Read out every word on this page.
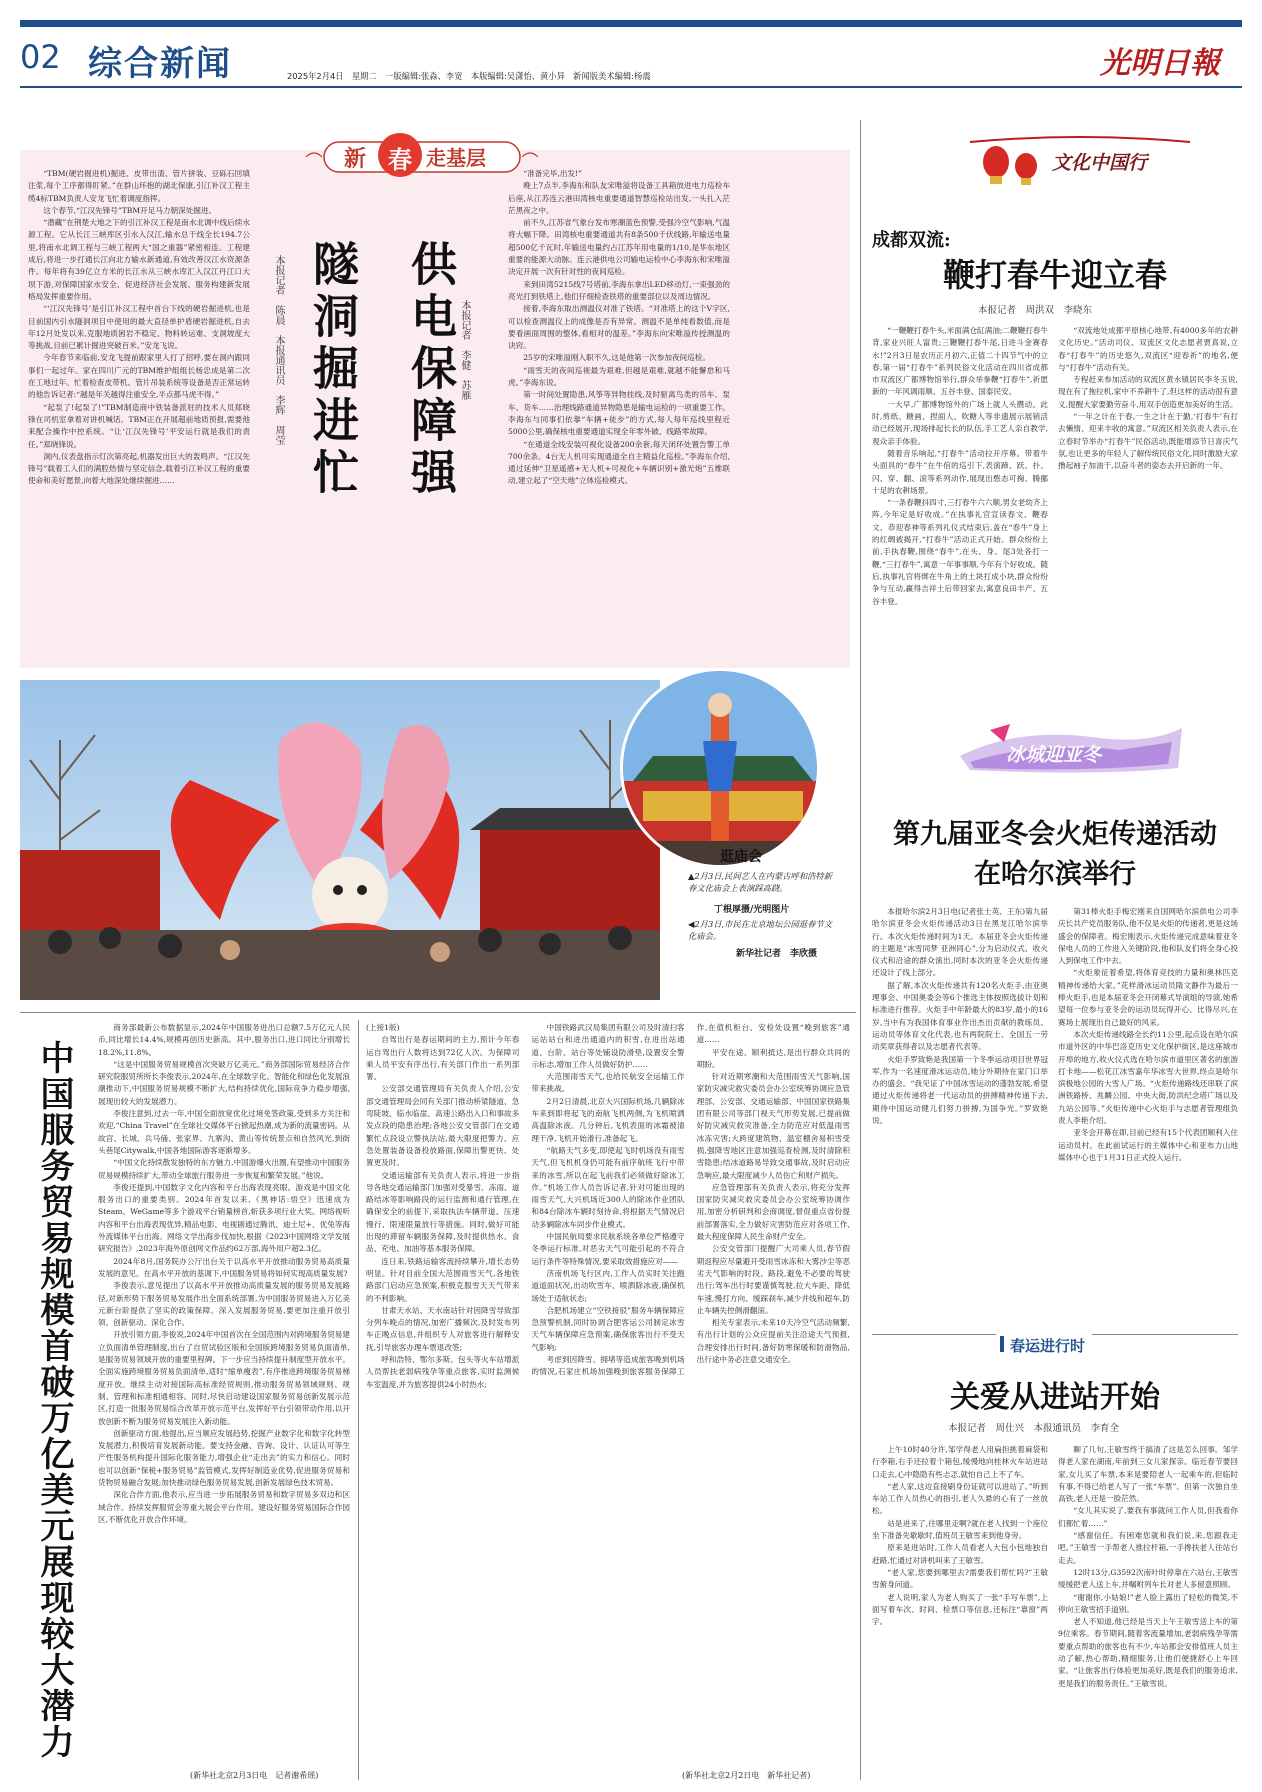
02 综合新闻	2025年2月4日　星期二　一版编辑:张淼、李宽　本版编辑:吴潇怡、黄小异　新闻版美术编辑:杨震	光明日報
新 春 走基层

“TBM(硬岩掘进机)掘进、皮带出渣、管片拼装、豆砾石回填注浆,每个工序都得盯紧。”在群山环抱的湖北保康,引江补汉工程主缆4标TBM负责人安龙飞忙着调度指挥。

这个春节,“江汉先锋号”TBM开足马力朝深处掘进。

“潜藏”在荆楚大地之下的引江补汉工程是南水北调中线后续水源工程。它从长江三峡库区引水入汉江,输水总干线全长194.7公里,将南水北调工程与三峡工程两大“国之重器”紧密相连。工程建成后,将进一步打通长江向北方输水新通道,有效改善汉江水资源条件。每年将有39亿立方米的长江水从三峡水库汇入汉江丹江口大坝下游,对保障国家水安全、促进经济社会发展、服务构建新发展格局发挥重要作用。

“‘江汉先锋号’是引江补汉工程中首台下线的硬岩掘进机,也是目前国内引水隧洞项目中使用的最大直径单护盾硬岩掘进机,自去年12月处发以来,克服地质困岩不稳定、物料转运难、支洞坡度大等挑战,目前已累计掘进突破百米。”安龙飞说。

今年春节来临前,安龙飞提前跟家里人打了招呼,要在洞内跟同事们一起过年。家在四川广元的TBM维护组组长杨忠成是第二次在工地过年。忙着检查皮带机、管片吊装系统等设备是否正常运转的他告诉记者:“越是年关越得注重安全,半点都马虎不得。”

“起泵了!起泵了!”TBM制造商中铁装备派驻的技术人员郑晓锋在司机室拿着对讲机喊话。TBM正在开展超前地质预报,需要他来配合操作中控系统。“让‘江汉先锋号’平安运行就是我们的责任。”郑晓锋说。

洞内,仪表盘指示灯次第亮起,机器发出巨大的轰鸣声。“江汉先锋号”载着工人们的满腔热情与坚定信念,载着引江补汉工程的重要使命和美好愿景,向着大地深处继续掘进……

本报记者　陈晨　本报通讯员　李辉　周莹 隧洞掘进忙 供电保障强 本报记者　李健　苏雁

“准备完毕,出发!”

晚上7点半,李海东和队友宋唯溢将设备工具箱放进电力巡检车后座,从江苏连云港田湾核电重要通道智慧巡检站出发,一头扎入茫茫黑夜之中。

前不久,江苏省气象台发布寒潮蓝色预警,受强冷空气影响,气温将大幅下降。田湾核电重要通道共有8条500千伏线路,年输送电量超500亿千瓦时,年输送电量约占江苏年用电量的1/10,是华东地区重要的能源大动脉。连云港供电公司输电运检中心李海东和宋唯溢决定开展一次有针对性的夜间巡检。

来到田湾5215线7号塔前,李海东拿出LED移动灯,一束强劲的亮光打到铁塔上,他们仔细检查铁塔的重要部位以及周边情况。

接着,李海东取出测温仪对准了铁塔。“对准塔上的这个V字区,可以检查测温仪上的成像是否有异常。测温不是单纯看数值,而是要看画面周围的整体,看相对的温差。”李海东向宋唯溢传授测温的诀窍。

25岁的宋唯溢刚入职不久,这是他第一次参加夜间巡检。

“雨雪天的夜间巡视最为艰难,但越是艰难,就越不能懈怠和马虎。”李海东说。

第一时间处置隐患,风筝等异物挂线,及时驱离鸟类的吊车、泵车、货车……治理线路通道异物隐患是输电运检的一项重要工作。李海东与同事们依靠“车辆+徒步”的方式,每人每年巡线里程近5000公里,确保核电重要通道实现全年零外破、线路零故障。

“在通道全线安装可视化设备200余套,每天闭环处置告警工单700余条。4台无人机可实现通道全自主精益化巡检。”李海东介绍,通过延伸“卫星遥感+无人机+可视化+车辆识别+激光炮”五维联动,建立起了“空天地”立体巡检模式。

逛庙会
▲2月3日,民间艺人在内蒙古呼和浩特新春文化庙会上表演踩高跷。
丁根厚摄/光明图片
◀2月3日,市民在北京地坛公园逛春节文化庙会。
新华社记者　李欣摄
文化中国行
成都双流:
鞭打春牛迎立春
本报记者　周洪双　李晓东

“一鞭鞭打春牛头,米面满仓缸满油;二鞭鞭打春牛背,家业兴旺人富贵;三鞭鞭打春牛尾,日进斗金赛春水!”2月3日是农历正月初六,正值二十四节气中的立春,第一届“打春牛”系列民俗文化活动在四川省成都市双流区广都博物馆举行,群众举拳鞭“打春牛”,祈愿新的一年风调雨顺、五谷丰登、国泰民安。

一大早,广都博物馆外的广场上就人头攒动。此时,剪纸、糖画、捏面人、吹糖人等非遗展示展销活动已经展开,现场排起长长的队伍,手工艺人亲自教学,观众亲手体验。

随着音乐响起,“打春牛”活动拉开序幕。带着牛头面具的“春牛”在牛倌的巡引下,表演蹄、跃、扑、闪、穿、翻、滚等系列动作,展现出憨态可掬、腾挪十足的农耕场景。

“一条春鞭抖四寸,三打春牛六六顺,男女老幼齐上阵,今年定是好收成。”在执事礼官宣读春文、鞭春文、恭迎春神等系列礼仪式结束后,盖在“春牛”身上的红绸被揭开,“打春牛”活动正式开始。群众纷纷上前,手执春鞭,围绕“春牛”,在头、身、尾3处各打一鞭,“三打春牛”,寓意一年事事顺,今年有个好收成。随后,执事礼官将绑在牛角上的土块打成小块,群众纷纷争与互动,赢得吉祥土后带回家去,寓意良田丰产、五谷丰登。

“双流地处成都平原核心地带,有4000多年的农耕文化历史。”活动司仪、双流区文化志愿者贾真说,立春“打春牛”的历史悠久,双流区“迎春祈”的地名,便与“打春牛”活动有关。

专程赶来参加活动的双流区黄水镇居民李冬玉说,现在有了拖拉机,家中不养耕牛了,但这样的活动很有意义,提醒大家要勤劳奋斗,用双手创造更加美好的生活。

“一年之计在于春,一生之计在于勤,‘打春牛’有打去懒惰、迎来丰收的寓意。”双流区相关负责人表示,在立春时节举办“打春牛”民俗活动,既能增添节日喜庆气氛,也让更多的年轻人了解传统民俗文化,同时激励大家撸起袖子加油干,以奋斗者的姿态去开启新的一年。

冰城迎亚冬
第九届亚冬会火炬传递活动
在哈尔滨举行

本报哈尔滨2月3日电(记者张士英、王东)第九届哈尔滨亚冬会火炬传递活动3日在黑龙江哈尔滨举行。本次火炬传递时间为1天。本届亚冬会火炬传递的主题是“冰雪同梦 亚洲同心”,分为启动仪式、收火仪式和沿途的群众演出,同时本次的亚冬会火炬传递还设计了线上部分。

据了解,本次火炬传递共有120名火炬手,由亚奥理事会、中国奥委会等6个推选主体按照选拔计划和标准进行推荐。火炬手中年龄最大的83岁,最小的16岁,当中有为我国体育事业作出杰出贡献的教练员、运动员等体育文化代表,也有两院院士、全国五一劳动奖章获得者以及志愿者代表等。

火炬手罗致艳是我国第一个冬季运动项目世界冠军,作为一名速度滑冰运动员,她分外期待在家门口举办的盛会。“我见证了中国冰雪运动的蓬勃发展,希望通过火炬传递将老一代运动员的拼搏精神传递下去,期待中国运动健儿们努力拼搏,为国争光。”罗致艳说。

第31棒火炬手梅宏刚来自国网哈尔滨供电公司李庆长共产党员服务队,他不仅是火炬的传递者,更是这场盛会的保障者。梅宏刚表示,火炬传递完成意味着亚冬保电人员的工作进入关键阶段,他和队友们将全身心投入到保电工作中去。

“火炬象征着希望,将体育竞技的力量和奥林匹克精神传递给大家。”花样滑冰运动员隋文静作为最后一棒火炬手,也是本届亚冬会开闭幕式导演组的导演,她希望每一位参与亚冬会的运动员玩得开心、比得尽兴,在赛场上展现出自己最好的风采。

本次火炬传递线路全长约11公里,起点设在哈尔滨市道外区的中华巴洛克历史文化保护街区,是这座城市开埠的地方,收火仪式选在哈尔滨市道里区著名的旅游打卡地——松花江冰雪嘉年华冰雪大世界,终点是哈尔滨极地公园的大雪人广场。“火炬传递路线还串联了滨洲铁路桥、兆麟公园、中央大街,防洪纪念塔广场以及九站公园等。”火炬传递中心火炬手与志愿者管理组负责人李艳介绍。

亚冬会开幕在即,目前已经有15个代表团顺利入住运动员村。在此前试运行的主媒体中心和亚布力山地媒体中心也于1月31日正式投入运行。

春运进行时
关爱从进站开始
本报记者　周仕兴　本报通讯员　李育全

上午10时40分许,邹学得老人用扁担挑着麻袋和行李箱,右手还拉着个箱包,缓慢地向桂林火车站进站口走去,心中隐隐有些忐忑,就怕自己上不了车。

“老人家,这边直接刷身份证就可以进站了。”听到车站工作人员热心的指引,老人久悬的心有了一丝放松。

站是进来了,往哪里走啊?就在老人找到一个座位坐下准备先歇歇时,值班员王敏雪来到他身旁。

原来是进站时,工作人员看老人大包小包地独自赶路,忙通过对讲机叫来了王敏雪。

“老人家,您要到哪里去?需要我们帮忙吗?”王敏雪俯身问道。

老人说明,家人为老人购买了一张“手写车票”,上面写着车次、时间、检票口等信息,还标注“靠窗”两字。

聊了几句,王敏雪终于搞清了这是怎么回事。邹学得老人家在湖南,年前到三女儿家探亲。临近春节要回家,女儿买了车票,本来是要陪老人一起乘车的,但临时有事,不得已给老人写了一张“车票”。但第一次独自坐高铁,老人还是一脸茫然。

“女儿其实说了,要我有事就问工作人员,但我看你们都忙着……”

“感谢信任。有困难您就和我们说,来,您跟我走吧。”王敏雪一手帮老人推拉杆箱,一手搀扶老人往站台走去。

12时13分,G3592次南叶时停靠在六站台,王敏雪缓缓把老人送上车,并嘱咐列车长对老人多留意照顾。

“谢谢你,小姑娘!”老人脸上露出了轻松的微笑,不停向王敏雪招手道别。

老人不知道,他已经是当天上午王敏雪送上车的第9位乘客。春节期间,随着客流量增加,老弱病残孕等需要重点帮助的旅客也有不少,车站都会安排值班人员主动了解,热心帮助,精细服务,让他们便捷舒心上车回家。“让旅客出行体验更加美好,既是我们的服务追求,更是我们的服务责任。”王敏雪说。

中国服务贸易规模首破万亿美元展现较大潜力

商务部最新公布数据显示,2024年中国服务进出口总额7.5万亿元人民币,同比增长14.4%,规模再创历史新高。其中,服务出口,进口同比分别增长18.2%,11.8%。

“这是中国服务贸易规模首次突破万亿美元。”商务部国际贸易经济合作研究院服贸所所长李俊表示,2024年,在全球数字化、智能化和绿色化发展浪潮推动下,中国服务贸易规模不断扩大,结构持续优化,国际竞争力稳步增强,展现出较大的发展潜力。

李俊注意到,过去一年,中国全面放宽优化过境免签政策,受到多方关注和欢迎,“China Travel”在全球社交媒体平台掀起热潮,成为新的流量密码。从故宫、长城、兵马俑、张家界、九寨沟、黄山等传统景点和自然风光,到街头巷尾Citywalk,中国各地国际游客逐渐增多。

“中国文化持续散发独特的东方魅力,中国游爆火出圈,有望推动中国服务贸易规模持续扩大,带动全球旅行服务进一步恢复和繁荣发展。”他说。

李俊还提到,中国数字文化内容和平台出海表现亮眼。游戏是中国文化服务出口的重要类别。2024年首发以来,《黑神话:悟空》迅速成为Steam、WeGame等多个游戏平台销量榜首,斩获多项行业大奖。网络视听内容和平台出海表现优异,精品电影、电视剧通过腾讯、迪士尼+、优兔等海外流媒体平台出海。网络文学出海步伐加快,根据《2023中国网络文学发展研究报告》,2023年海外原创网文作品约62万部,海外用户超2.3亿。

2024年8月,国务院办公厅出台关于以高水平开放推动服务贸易高质量发展的意见。在高水平开放的基调下,中国服务贸易将如何实现高质量发展?

李俊表示,意见提出了以高水平开放推动高质量发展的服务贸易发展路径,对新形势下服务贸易发展作出全面系统部署,为中国服务贸易进入万亿美元新台阶提供了坚实的政策保障。深入发展服务贸易,要更加注重开放引领、创新驱动、深化合作。

开放引领方面,李俊说,2024年中国首次在全国范围内对跨境服务贸易建立负面清单管理制度,出台了自贸试验区版和全国版跨境服务贸易负面清单,是服务贸易领域开放的重要里程碑。下一步应当持续提升制度型开放水平。全面实施跨境服务贸易负面清单,适时“缩单瘦表”,有序推进跨境服务贸易梯度开放。继续主动对接国际高标准经贸规则,推动服务贸易领域规则、规制、管理和标准相通相容。同时,尽快启动建设国家服务贸易创新发展示范区,打造一批服务贸易综合改革开放示范平台,发挥好平台引领带动作用,以开放创新不断为服务贸易发展注入新动能。

创新驱动方面,他提出,应当顺应发展趋势,挖掘产业数字化和数字化转型发展潜力,积极培育发展新动能。要支持金融、咨询、设计、认证认可等生产性服务机构提升国际化服务能力,增强企业“走出去”的实力和信心。同时也可以创新“保税+服务贸易”监管模式,发挥好制造业优势,促进服务贸易和货物贸易融合发展;加快推动绿色服务贸易发展,创新发展绿色技术贸易。

深化合作方面,他表示,应当进一步拓展服务贸易和数字贸易多双边和区域合作。持续发挥服贸会等重大展会平台作用。建设好服务贸易国际合作园区,不断优化开放合作环境。

(新华社北京2月3日电　记者谢希瑶)

(上接1版)

自驾出行是春运期间的主力,预计今年春运自驾出行人数将达到72亿人次。为保障司乘人员平安有序出行,有关部门作出一系列部署。

公安部交通管理局有关负责人介绍,公安部交通管理局会同有关部门推动桥梁隧道、急弯陡坡、临水临崖、高速公路出入口和事故多发点段的隐患治理;各地公安交管部门在交通繁忙点段设立警执法站,最大限度把警力、应急处置装备设备投放路面,保障出警更快、处置更及时。

交通运输部有关负责人表示,将进一步指导各地交通运输部门加强对受暴雪、冻雨、道路结冰等影响路段的运行监测和通行管理,在确保安全的前提下,采取执法车辆带道、压速慢行、限速限量放行等措施。同时,做好可能出现的滞留车辆服务保障,及时提供热水、食品、充电、加油等基本服务保障。

连日来,铁路运输客流持续攀升,增长态势明显。针对目前全国大范围雨雪天气,各地铁路部门启动应急预案,积极克服雪天天气带来的不利影响。

甘肃天水站、天水南站针对因降雪导致部分列车晚点的情况,加密广播频次,及时发布列车正晚点信息,并组织专人对旅客进行解释安抚,引导旅客办理车票退改签;

呼和浩特、鄂尔多斯、包头等火车站增派人员帮扶老弱病残孕等重点旅客,实时监测候车室温度,并为旅客提供24小时热水;

中国铁路武汉局集团有限公司及时清扫客运站站台和进出通道内的积雪,在进出站通道、台阶、站台等处铺设防滑垫,设置安全警示标志,增加工作人员做好防护……

大范围雨雪天气,也给民航安全运输工作带来挑战。

2月2日清晨,北京大兴国际机场,几辆除冰车来到即将起飞的南航飞机两侧,为飞机喷洒高温除冰液。几分钟后,飞机表面的冰霜被清理干净,飞机开始滑行,准备起飞。

“航路天气多变,即使起飞时机场没有雨雪天气,但飞机机身仍可能有前序航班飞行中带来的冰雪,所以在起飞前我们必须做好除冰工作。”机场工作人员告诉记者,针对可能出现的雨雪天气,大兴机场近300人的除冰作业团队和84台除冰车辆时刻待命,将根据天气情况启动多辆除冰车同步作业模式。

中国民航局要求民航系统各单位严格遵守冬季运行标准,对恶劣天气可能引起的不符合运行条件等特殊情况,要采取效措施应对——

济南机场飞行区内,工作人员实时关注跑道道面状况,出动吹雪车、喷洒除冰液,确保机场处于适航状态;

合肥机场建立“空铁接驳”服务车辆保障应急预警机制,同时协调合肥客运公司制定冰雪天气车辆保障应急预案,确保旅客出行不受天气影响;

考虑到因降雪、拥堵等造成旅客晚到机场的情况,石家庄机场加强晚到旅客服务保障工作,在值机柜台、安检处设置“晚到旅客”通道……

平安在途、顺利抵达,是出行群众共同的期盼。

针对近期寒潮和大范围雨雪天气影响,国家防灾减灾救灾委员会办公室统筹协调应急管理部、公安部、交通运输部、中国国家铁路集团有限公司等部门视天气形势发展,已提前做好防灾减灾救灾准备,全力防范应对低温雨雪冰冻灾害;大跨度建筑物、温室棚舍易积雪受损,强降雪地区注意加强巡查检测,及时清除积雪隐患;结冰道路易导致交通事故,及时启动应急响应,最大限度减少人员伤亡和财产损失。

应急管理部有关负责人表示,将充分发挥国家防灾减灾救灾委员会办公室统筹协调作用,加密分析研判和会商调度,督促重点省份提前部署落实,全力做好灾害防范应对各项工作,最大程度保障人民生命财产安全。

公安交管部门提醒广大司乘人员,春节假期返程应尽量避开受雨雪冰冻和大雾沙尘等恶劣天气影响的时段、路段,避免不必要的驾驶出行;驾车出行时要谨慎驾驶,拉大车距、降低车速,慢打方向、缓踩刹车,减少并线和超车,防止车辆失控侧滑翻滚。

相关专家表示,未来10天冷空气活动频繁,有出行计划的公众应提前关注沿途天气预报,合理安排出行时间,备好防寒保暖和防滑物品,出行途中务必注意交通安全。

(新华社北京2月2日电　新华社记者)
